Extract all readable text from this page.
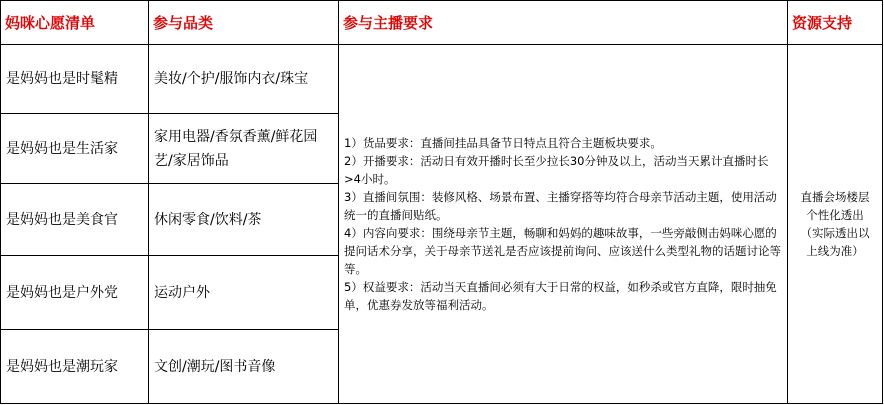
妈咪心愿清单	参与品类	参与主播要求	资源支持
是妈妈也是时髦精	美妆/个护/服饰内衣/珠宝	1）货品要求：直播间挂品具备节日特点且符合主题板块要求。
2）开播要求：活动日有效开播时长至少拉长30分钟及以上，活动当天累计直播时长>4小时。
3）直播间氛围：装修风格、场景布置、主播穿搭等均符合母亲节活动主题，使用活动统一的直播间贴纸。
4）内容向要求：围绕母亲节主题，畅聊和妈妈的趣味故事，一些旁敲侧击妈咪心愿的提问话术分享，关于母亲节送礼是否应该提前询问、应该送什么类型礼物的话题讨论等等。
5）权益要求：活动当天直播间必须有大于日常的权益，如秒杀或官方直降，限时抽免单，优惠券发放等福利活动。	直播会场楼层个性化透出（实际透出以上线为准）
是妈妈也是生活家	家用电器/香氛香薰/鲜花园艺/家居饰品		
是妈妈也是美食官	休闲零食/饮料/茶		
是妈妈也是户外党	运动户外		
是妈妈也是潮玩家	文创/潮玩/图书音像		
